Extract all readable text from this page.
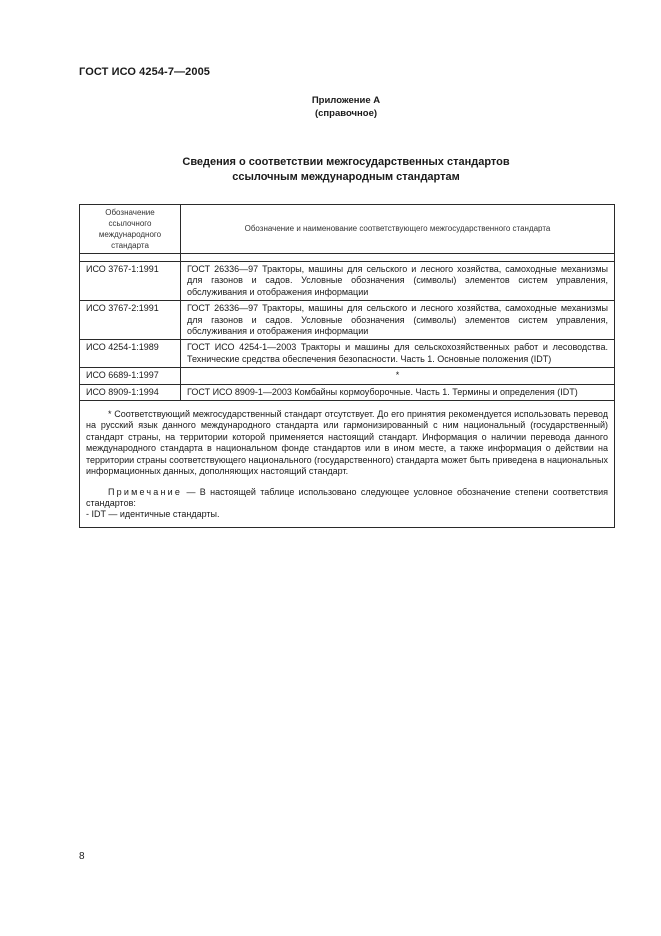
ГОСТ ИСО 4254-7—2005
Приложение А
(справочное)
Сведения о соответствии межгосударственных стандартов
ссылочным международным стандартам
Обозначение ссылочного международного стандарта	Обозначение и наименование соответствующего межгосударственного стандарта

ИСО 3767-1:1991	ГОСТ 26336—97 Тракторы, машины для сельского и лесного хозяйства, самоходные механизмы для газонов и садов. Условные обозначения (символы) элементов систем управления, обслуживания и отображения информации
ИСО 3767-2:1991	ГОСТ 26336—97 Тракторы, машины для сельского и лесного хозяйства, самоходные механизмы для газонов и садов. Условные обозначения (символы) элементов систем управления, обслуживания и отображения информации
ИСО 4254-1:1989	ГОСТ ИСО 4254-1—2003 Тракторы и машины для сельскохозяйственных работ и лесоводства. Технические средства обеспечения безопасности. Часть 1. Основные положения (IDT)
ИСО 6689-1:1997	*
ИСО 8909-1:1994	ГОСТ ИСО 8909-1—2003 Комбайны кормоуборочные. Часть 1. Термины и определения (IDT)

* Соответствующий межгосударственный стандарт отсутствует. До его принятия рекомендуется использовать перевод на русский язык данного международного стандарта или гармонизированный с ним национальный (государственный) стандарт страны, на территории которой применяется настоящий стандарт. Информация о наличии перевода данного международного стандарта в национальном фонде стандартов или в ином месте, а также информация о действии на территории страны соответствующего национального (государственного) стандарта может быть приведена в национальных информационных данных, дополняющих настоящий стандарт.

Примечание — В настоящей таблице использовано следующее условное обозначение степени соответствия стандартов:

- IDT — идентичные стандарты.	

8
